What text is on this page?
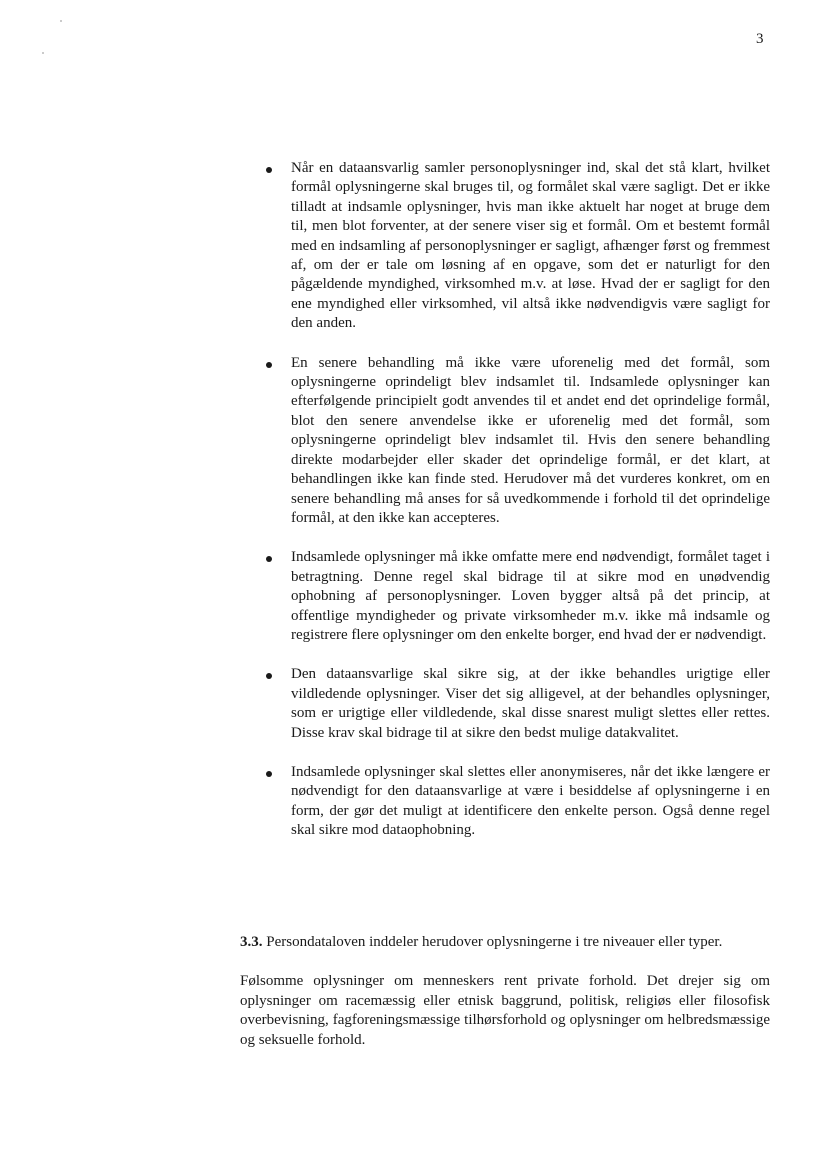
3
Når en dataansvarlig samler personoplysninger ind, skal det stå klart, hvilket formål oplysningerne skal bruges til, og formålet skal være sagligt. Det er ikke tilladt at indsamle oplysninger, hvis man ikke aktuelt har noget at bruge dem til, men blot forventer, at der senere viser sig et formål. Om et bestemt formål med en indsamling af personoplysninger er sagligt, afhænger først og fremmest af, om der er tale om løsning af en opgave, som det er naturligt for den pågældende myndighed, virksomhed m.v. at løse. Hvad der er sagligt for den ene myndighed eller virksomhed, vil altså ikke nødvendigvis være sagligt for den anden.
En senere behandling må ikke være uforenelig med det formål, som oplysningerne oprindeligt blev indsamlet til. Indsamlede oplysninger kan efterfølgende principielt godt anvendes til et andet end det oprindelige formål, blot den senere anvendelse ikke er uforenelig med det formål, som oplysningerne oprindeligt blev indsamlet til. Hvis den senere behandling direkte modarbejder eller skader det oprindelige formål, er det klart, at behandlingen ikke kan finde sted. Herudover må det vurderes konkret, om en senere behandling må anses for så uvedkommende i forhold til det oprindelige formål, at den ikke kan accepteres.
Indsamlede oplysninger må ikke omfatte mere end nødvendigt, formålet taget i betragtning. Denne regel skal bidrage til at sikre mod en unødvendig ophobning af personoplysninger. Loven bygger altså på det princip, at offentlige myndigheder og private virksomheder m.v. ikke må indsamle og registrere flere oplysninger om den enkelte borger, end hvad der er nødvendigt.
Den dataansvarlige skal sikre sig, at der ikke behandles urigtige eller vildledende oplysninger. Viser det sig alligevel, at der behandles oplysninger, som er urigtige eller vildledende, skal disse snarest muligt slettes eller rettes. Disse krav skal bidrage til at sikre den bedst mulige datakvalitet.
Indsamlede oplysninger skal slettes eller anonymiseres, når det ikke længere er nødvendigt for den dataansvarlige at være i besiddelse af oplysningerne i en form, der gør det muligt at identificere den enkelte person. Også denne regel skal sikre mod dataophobning.

3.3. Persondataloven inddeler herudover oplysningerne i tre niveauer eller typer.

Følsomme oplysninger om menneskers rent private forhold. Det drejer sig om oplysninger om racemæssig eller etnisk baggrund, politisk, religiøs eller filosofisk overbevisning, fagforeningsmæssige tilhørsforhold og oplysninger om helbredsmæssige og seksuelle forhold.
